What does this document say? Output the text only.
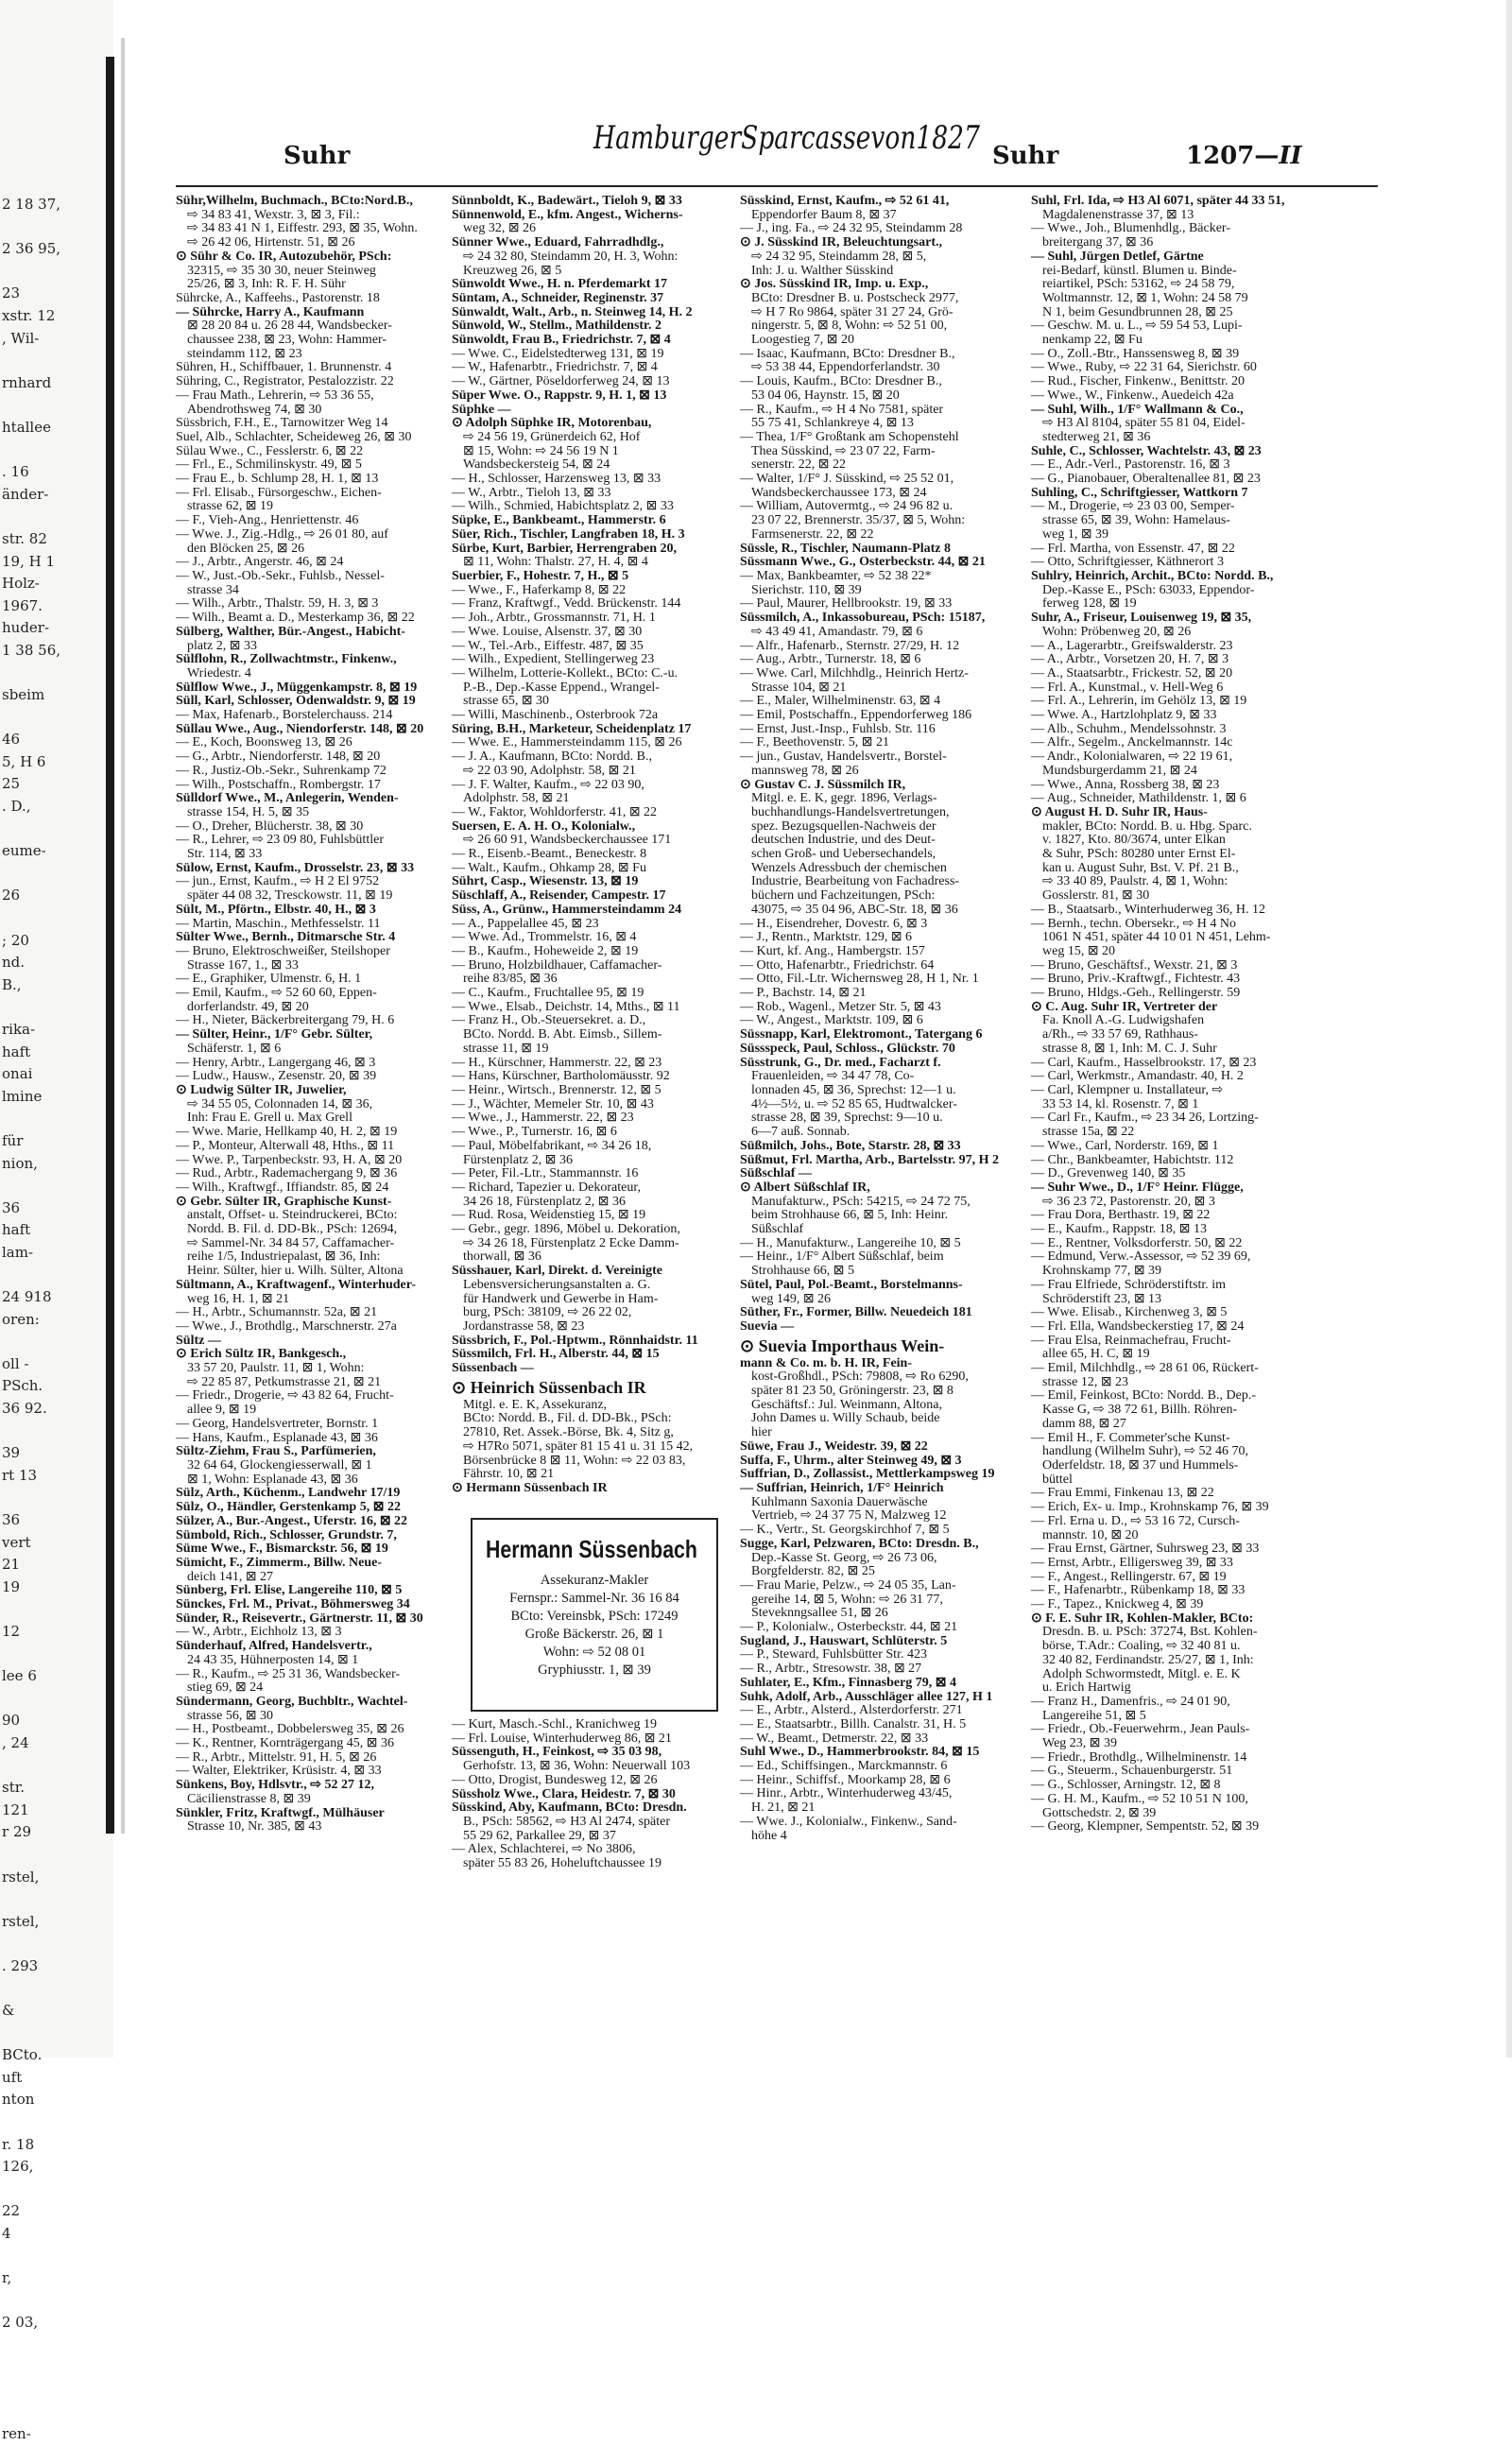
2 18 37,

2 36 95,

23
xstr. 12
, Wil-

rnhard

htallee

. 16
änder-

str. 82
19, H 1
Holz-
1967.
huder-
1 38 56,

sbeim

46
5, H 6
25
. D.,

eume-

26

; 20
nd.
B.,

rika-
haft
onai
lmine

für
nion,

36
haft
lam-

24 918
oren:

oll -
PSch.
36 92.

39
rt 13

36
vert
21
19

12

lee 6

90
, 24

str.
121
r 29

rstel,

rstel,

. 293

&

BCto.
uft
nton

r. 18
126,

22
4

r,

2 03,

ren-
Suhr	HamburgerSparcassevon1827 Suhr	1207—II
Sühr,Wilhelm, Buchmach., BCto:Nord.B.,
⇨ 34 83 41, Wexstr. 3, ⊠ 3, Fil.:
⇨ 34 83 41 N 1, Eiffestr. 293, ⊠ 35, Wohn.
⇨ 26 42 06, Hirtenstr. 51, ⊠ 26
⊙ Sühr & Co. IR, Autozubehör, PSch:
32315, ⇨ 35 30 30, neuer Steinweg
25/26, ⊠ 3, Inh: R. F. H. Sühr
Sührcke, A., Kaffeehs., Pastorenstr. 18
— Sührcke, Harry A., Kaufmann
⊠ 28 20 84 u. 26 28 44, Wandsbecker-
chaussee 238, ⊠ 23, Wohn: Hammer-
steindamm 112, ⊠ 23
Sühren, H., Schiffbauer, 1. Brunnenstr. 4
Sühring, C., Registrator, Pestalozzistr. 22
— Frau Math., Lehrerin, ⇨ 53 36 55,
Abendrothsweg 74, ⊠ 30
Süssbrich, F.H., E., Tarnowitzer Weg 14
Suel, Alb., Schlachter, Scheideweg 26, ⊠ 30
Sülau Wwe., C., Fesslerstr. 6, ⊠ 22
— Frl., E., Schmilinskystr. 49, ⊠ 5
— Frau E., b. Schlump 28, H. 1, ⊠ 13
— Frl. Elisab., Fürsorgeschw., Eichen-
strasse 62, ⊠ 19
— F., Vieh-Ang., Henriettenstr. 46
— Wwe. J., Zig.-Hdlg., ⇨ 26 01 80, auf
den Blöcken 25, ⊠ 26
— J., Arbtr., Angerstr. 46, ⊠ 24
— W., Just.-Ob.-Sekr., Fuhlsb., Nessel-
strasse 34
— Wilh., Arbtr., Thalstr. 59, H. 3, ⊠ 3
— Wilh., Beamt a. D., Mesterkamp 36, ⊠ 22
Sülberg, Walther, Bür.-Angest., Habicht-
platz 2, ⊠ 33
Sülflohn, R., Zollwachtmstr., Finkenw.,
Wriedestr. 4
Sülflow Wwe., J., Müggenkampstr. 8, ⊠ 19
Süll, Karl, Schlosser, Odenwaldstr. 9, ⊠ 19
— Max, Hafenarb., Borstelerchauss. 214
Süllau Wwe., Aug., Niendorferstr. 148, ⊠ 20
— E., Koch, Boonsweg 13, ⊠ 26
— G., Arbtr., Niendorferstr. 148, ⊠ 20
— R., Justiz-Ob.-Sekr., Suhrenkamp 72
— Wilh., Postschaffn., Rombergstr. 17
Sülldorf Wwe., M., Anlegerin, Wenden-
strasse 154, H. 5, ⊠ 35
— O., Dreher, Blücherstr. 38, ⊠ 30
— R., Lehrer, ⇨ 23 09 80, Fuhlsbüttler
Str. 114, ⊠ 33
Sülow, Ernst, Kaufm., Drosselstr. 23, ⊠ 33
— jun., Ernst, Kaufm., ⇨ H 2 El 9752
später 44 08 32, Tresckowstr. 11, ⊠ 19
Sült, M., Pförtn., Elbstr. 40, H., ⊠ 3
— Martin, Maschin., Methfesselstr. 11
Sülter Wwe., Bernh., Ditmarsche Str. 4
— Bruno, Elektroschweißer, Steilshoper
Strasse 167, 1., ⊠ 33
— E., Graphiker, Ulmenstr. 6, H. 1
— Emil, Kaufm., ⇨ 52 60 60, Eppen-
dorferlandstr. 49, ⊠ 20
— H., Nieter, Bäckerbreitergang 79, H. 6
— Sülter, Heinr., 1/F° Gebr. Sülter,
Schäferstr. 1, ⊠ 6
— Henry, Arbtr., Langergang 46, ⊠ 3
— Ludw., Hausw., Zesenstr. 20, ⊠ 39
⊙ Ludwig Sülter IR, Juwelier,
⇨ 34 55 05, Colonnaden 14, ⊠ 36,
Inh: Frau E. Grell u. Max Grell
— Wwe. Marie, Hellkamp 40, H. 2, ⊠ 19
— P., Monteur, Alterwall 48, Hths., ⊠ 11
— Wwe. P., Tarpenbeckstr. 93, H. A, ⊠ 20
— Rud., Arbtr., Rademachergang 9, ⊠ 36
— Wilh., Kraftwgf., Iffiandstr. 85, ⊠ 24
⊙ Gebr. Sülter IR, Graphische Kunst-
anstalt, Offset- u. Steindruckerei, BCto:
Nordd. B. Fil. d. DD-Bk., PSch: 12694,
⇨ Sammel-Nr. 34 84 57, Caffamacher-
reihe 1/5, Industriepalast, ⊠ 36, Inh:
Heinr. Sülter, hier u. Wilh. Sülter, Altona
Sültmann, A., Kraftwagenf., Winterhuder-
weg 16, H. 1, ⊠ 21
— H., Arbtr., Schumannstr. 52a, ⊠ 21
— Wwe., J., Brothdlg., Marschnerstr. 27a
Sültz —
⊙ Erich Sültz IR, Bankgesch.,
33 57 20, Paulstr. 11, ⊠ 1, Wohn:
⇨ 22 85 87, Petkumstrasse 21, ⊠ 21
— Friedr., Drogerie, ⇨ 43 82 64, Frucht-
allee 9, ⊠ 19
— Georg, Handelsvertreter, Bornstr. 1
— Hans, Kaufm., Esplanade 43, ⊠ 36
Sültz-Ziehm, Frau S., Parfümerien,
32 64 64, Glockengiesserwall, ⊠ 1
⊠ 1, Wohn: Esplanade 43, ⊠ 36
Sülz, Arth., Küchenm., Landwehr 17/19
Sülz, O., Händler, Gerstenkamp 5, ⊠ 22
Sülzer, A., Bur.-Angest., Uferstr. 16, ⊠ 22
Sümbold, Rich., Schlosser, Grundstr. 7,
Süme Wwe., F., Bismarckstr. 56, ⊠ 19
Sümicht, F., Zimmerm., Billw. Neue-
deich 141, ⊠ 27
Sünberg, Frl. Elise, Langereihe 110, ⊠ 5
Sünckes, Frl. M., Privat., Böhmersweg 34
Sünder, R., Reisevertr., Gärtnerstr. 11, ⊠ 30
— W., Arbtr., Eichholz 13, ⊠ 3
Sünderhauf, Alfred, Handelsvertr.,
24 43 35, Hühnerposten 14, ⊠ 1
— R., Kaufm., ⇨ 25 31 36, Wandsbecker-
stieg 69, ⊠ 24
Sündermann, Georg, Buchbltr., Wachtel-
strasse 56, ⊠ 30
— H., Postbeamt., Dobbelersweg 35, ⊠ 26
— K., Rentner, Kornträgergang 45, ⊠ 36
— R., Arbtr., Mittelstr. 91, H. 5, ⊠ 26
— Walter, Elektriker, Krüsistr. 4, ⊠ 33
Sünkens, Boy, Hdlsvtr., ⇨ 52 27 12,
Cäcilienstrasse 8, ⊠ 39
Sünkler, Fritz, Kraftwgf., Mülhäuser
Strasse 10, Nr. 385, ⊠ 43
Sünnboldt, K., Badewärt., Tieloh 9, ⊠ 33
Sünnenwold, E., kfm. Angest., Wicherns-
weg 32, ⊠ 26
Sünner Wwe., Eduard, Fahrradhdlg.,
⇨ 24 32 80, Steindamm 20, H. 3, Wohn:
Kreuzweg 26, ⊠ 5
Sünwoldt Wwe., H. n. Pferdemarkt 17
Süntam, A., Schneider, Reginenstr. 37
Sünwaldt, Walt., Arb., n. Steinweg 14, H. 2
Sünwold, W., Stellm., Mathildenstr. 2
Sünwoldt, Frau B., Friedrichstr. 7, ⊠ 4
— Wwe. C., Eidelstedterweg 131, ⊠ 19
— W., Hafenarbtr., Friedrichstr. 7, ⊠ 4
— W., Gärtner, Pöseldorferweg 24, ⊠ 13
Süper Wwe. O., Rappstr. 9, H. 1, ⊠ 13
Süphke —
⊙ Adolph Süphke IR, Motorenbau,
⇨ 24 56 19, Grünerdeich 62, Hof
⊠ 15, Wohn: ⇨ 24 56 19 N 1
Wandsbeckersteig 54, ⊠ 24
— H., Schlosser, Harzensweg 13, ⊠ 33
— W., Arbtr., Tieloh 13, ⊠ 33
— Wilh., Schmied, Habichtsplatz 2, ⊠ 33
Süpke, E., Bankbeamt., Hammerstr. 6
Süer, Rich., Tischler, Langfraben 18, H. 3
Sürbe, Kurt, Barbier, Herrengraben 20,
⊠ 11, Wohn: Thalstr. 27, H. 4, ⊠ 4
Suerbier, F., Hohestr. 7, H., ⊠ 5
— Wwe., F., Haferkamp 8, ⊠ 22
— Franz, Kraftwgf., Vedd. Brückenstr. 144
— Joh., Arbtr., Grossmannstr. 71, H. 1
— Wwe. Louise, Alsenstr. 37, ⊠ 30
— W., Tel.-Arb., Eiffestr. 487, ⊠ 35
— Wilh., Expedient, Stellingerweg 23
— Wilhelm, Lotterie-Kollekt., BCto: C.-u.
P.-B., Dep.-Kasse Eppend., Wrangel-
strasse 65, ⊠ 30
— Willi, Maschinenb., Osterbrook 72a
Süring, B.H., Marketeur, Scheidenplatz 17
— Wwe. E., Hammersteindamm 115, ⊠ 26
— J. A., Kaufmann, BCto: Nordd. B.,
⇨ 22 03 90, Adolphstr. 58, ⊠ 21
— J. F. Walter, Kaufm., ⇨ 22 03 90,
Adolphstr. 58, ⊠ 21
— W., Faktor, Wohldorferstr. 41, ⊠ 22
Suersen, E. A. H. O., Kolonialw.,
⇨ 26 60 91, Wandsbeckerchaussee 171
— R., Eisenb.-Beamt., Beneckestr. 8
— Walt., Kaufm., Ohkamp 28, ⊠ Fu
Sührt, Casp., Wiesenstr. 13, ⊠ 19
Süschlaff, A., Reisender, Campestr. 17
Süss, A., Grünw., Hammersteindamm 24
— A., Pappelallee 45, ⊠ 23
— Wwe. Ad., Trommelstr. 16, ⊠ 4
— B., Kaufm., Hoheweide 2, ⊠ 19
— Bruno, Holzbildhauer, Caffamacher-
reihe 83/85, ⊠ 36
— C., Kaufm., Fruchtallee 95, ⊠ 19
— Wwe., Elsab., Deichstr. 14, Mths., ⊠ 11
— Franz H., Ob.-Steuersekret. a. D.,
BCto. Nordd. B. Abt. Eimsb., Sillem-
strasse 11, ⊠ 19
— H., Kürschner, Hammerstr. 22, ⊠ 23
— Hans, Kürschner, Bartholomäusstr. 92
— Heinr., Wirtsch., Brennerstr. 12, ⊠ 5
— J., Wächter, Memeler Str. 10, ⊠ 43
— Wwe., J., Hammerstr. 22, ⊠ 23
— Wwe., P., Turnerstr. 16, ⊠ 6
— Paul, Möbelfabrikant, ⇨ 34 26 18,
Fürstenplatz 2, ⊠ 36
— Peter, Fil.-Ltr., Stammannstr. 16
— Richard, Tapezier u. Dekorateur,
34 26 18, Fürstenplatz 2, ⊠ 36
— Rud. Rosa, Weidenstieg 15, ⊠ 19
— Gebr., gegr. 1896, Möbel u. Dekoration,
⇨ 34 26 18, Fürstenplatz 2 Ecke Damm-
thorwall, ⊠ 36
Süsshauer, Karl, Direkt. d. Vereinigte
Lebensversicherungsanstalten a. G.
für Handwerk und Gewerbe in Ham-
burg, PSch: 38109, ⇨ 26 22 02,
Jordanstrasse 58, ⊠ 23
Süssbrich, F., Pol.-Hptwm., Rönnhaidstr. 11
Süssmilch, Frl. H., Alberstr. 44, ⊠ 15
Süssenbach —
⊙ Heinrich Süssenbach IR
Mitgl. e. E. K, Assekuranz,
BCto: Nordd. B., Fil. d. DD-Bk., PSch:
27810, Ret. Assek.-Börse, Bk. 4, Sitz g,
⇨ H7Ro 5071, später 81 15 41 u. 31 15 42,
Börsenbrücke 8 ⊠ 11, Wohn: ⇨ 22 03 83,
Fährstr. 10, ⊠ 21
⊙ Hermann Süssenbach IR
Süsskind, Ernst, Kaufm., ⇨ 52 61 41,
Eppendorfer Baum 8, ⊠ 37
— J., ing. Fa., ⇨ 24 32 95, Steindamm 28
⊙ J. Süsskind IR, Beleuchtungsart.,
⇨ 24 32 95, Steindamm 28, ⊠ 5,
Inh: J. u. Walther Süsskind
⊙ Jos. Süsskind IR, Imp. u. Exp.,
BCto: Dresdner B. u. Postscheck 2977,
⇨ H 7 Ro 9864, später 31 27 24, Grö-
ningerstr. 5, ⊠ 8, Wohn: ⇨ 52 51 00,
Loogestieg 7, ⊠ 20
— Isaac, Kaufmann, BCto: Dresdner B.,
⇨ 53 38 44, Eppendorferlandstr. 30
— Louis, Kaufm., BCto: Dresdner B.,
53 04 06, Haynstr. 15, ⊠ 20
— R., Kaufm., ⇨ H 4 No 7581, später
55 75 41, Schlankreye 4, ⊠ 13
— Thea, 1/F° Großtank am Schopenstehl
Thea Süsskind, ⇨ 23 07 22, Farm-
senerstr. 22, ⊠ 22
— Walter, 1/F° J. Süsskind, ⇨ 25 52 01,
Wandsbeckerchaussee 173, ⊠ 24
— William, Autovermtg., ⇨ 24 96 82 u.
23 07 22, Brennerstr. 35/37, ⊠ 5, Wohn:
Farmsenerstr. 22, ⊠ 22
Süssle, R., Tischler, Naumann-Platz 8
Süssmann Wwe., G., Osterbeckstr. 44, ⊠ 21
— Max, Bankbeamter, ⇨ 52 38 22*
Sierichstr. 110, ⊠ 39
— Paul, Maurer, Hellbrookstr. 19, ⊠ 33
Süssmilch, A., Inkassobureau, PSch: 15187,
⇨ 43 49 41, Amandastr. 79, ⊠ 6
— Alfr., Hafenarb., Sternstr. 27/29, H. 12
— Aug., Arbtr., Turnerstr. 18, ⊠ 6
— Wwe. Carl, Milchhdlg., Heinrich Hertz-
Strasse 104, ⊠ 21
— E., Maler, Wilhelminenstr. 63, ⊠ 4
— Emil, Postschaffn., Eppendorferweg 186
— Ernst, Just.-Insp., Fuhlsb. Str. 116
— F., Beethovenstr. 5, ⊠ 21
— jun., Gustav, Handelsvertr., Borstel-
mannsweg 78, ⊠ 26
⊙ Gustav C. J. Süssmilch IR,
Mitgl. e. E. K, gegr. 1896, Verlags-
buchhandlungs-Handelsvertretungen,
spez. Bezugsquellen-Nachweis der
deutschen Industrie, und des Deut-
schen Groß- und Uebersechandels,
Wenzels Adressbuch der chemischen
Industrie, Bearbeitung von Fachadress-
büchern und Fachzeitungen, PSch:
43075, ⇨ 35 04 96, ABC-Str. 18, ⊠ 36
— H., Eisendreher, Dovestr. 6, ⊠ 3
— J., Rentn., Marktstr. 129, ⊠ 6
— Kurt, kf. Ang., Hambergstr. 157
— Otto, Hafenarbtr., Friedrichstr. 64
— Otto, Fil.-Ltr. Wichernsweg 28, H 1, Nr. 1
— P., Bachstr. 14, ⊠ 21
— Rob., Wagenl., Metzer Str. 5, ⊠ 43
— W., Angest., Marktstr. 109, ⊠ 6
Süssnapp, Karl, Elektromont., Tatergang 6
Süssspeck, Paul, Schloss., Glückstr. 70
Süsstrunk, G., Dr. med., Facharzt f.
Frauenleiden, ⇨ 34 47 78, Co-
lonnaden 45, ⊠ 36, Sprechst: 12—1 u.
4½—5½, u. ⇨ 52 85 65, Hudtwalcker-
strasse 28, ⊠ 39, Sprechst: 9—10 u.
6—7 auß. Sonnab.
Süßmilch, Johs., Bote, Starstr. 28, ⊠ 33
Süßmut, Frl. Martha, Arb., Bartelsstr. 97, H 2
Süßschlaf —
⊙ Albert Süßschlaf IR,
Manufakturw., PSch: 54215, ⇨ 24 72 75,
beim Strohhause 66, ⊠ 5, Inh: Heinr.
Süßschlaf
— H., Manufakturw., Langereihe 10, ⊠ 5
— Heinr., 1/F° Albert Süßschlaf, beim
Strohhause 66, ⊠ 5
Sütel, Paul, Pol.-Beamt., Borstelmanns-
weg 149, ⊠ 26
Süther, Fr., Former, Billw. Neuedeich 181
Suevia —
⊙ Suevia Importhaus Wein-
mann & Co. m. b. H. IR, Fein-
kost-Großhdl., PSch: 79808, ⇨ Ro 6290,
später 81 23 50, Gröningerstr. 23, ⊠ 8
Geschäftsf.: Jul. Weinmann, Altona,
John Dames u. Willy Schaub, beide
hier
Süwe, Frau J., Weidestr. 39, ⊠ 22
Suffa, F., Uhrm., alter Steinweg 49, ⊠ 3
Suffrian, D., Zollassist., Mettlerkampsweg 19
— Suffrian, Heinrich, 1/F° Heinrich
Kuhlmann Saxonia Dauerwäsche
Vertrieb, ⇨ 24 37 75 N, Malzweg 12
— K., Vertr., St. Georgskirchhof 7, ⊠ 5
Sugge, Karl, Pelzwaren, BCto: Dresdn. B.,
Dep.-Kasse St. Georg, ⇨ 26 73 06,
Borgfelderstr. 82, ⊠ 25
— Frau Marie, Pelzw., ⇨ 24 05 35, Lan-
gereihe 14, ⊠ 5, Wohn: ⇨ 26 31 77,
Steveknngsallee 51, ⊠ 26
— P., Kolonialw., Osterbeckstr. 44, ⊠ 21
Sugland, J., Hauswart, Schlüterstr. 5
— P., Steward, Fuhlsbütter Str. 423
— R., Arbtr., Stresowstr. 38, ⊠ 27
Suhlater, E., Kfm., Finnasberg 79, ⊠ 4
Suhk, Adolf, Arb., Ausschläger allee 127, H 1
— E., Arbtr., Alsterd., Alsterdorferstr. 271
— E., Staatsarbtr., Billh. Canalstr. 31, H. 5
— W., Beamt., Detmerstr. 22, ⊠ 33
Suhl Wwe., D., Hammerbrookstr. 84, ⊠ 15
— Ed., Schiffsingen., Marckmannstr. 6
— Heinr., Schiffsf., Moorkamp 28, ⊠ 6
— Hinr., Arbtr., Winterhuderweg 43/45,
H. 21, ⊠ 21
— Wwe. J., Kolonialw., Finkenw., Sand-
höhe 4
Suhl, Frl. Ida, ⇨ H3 Al 6071, später 44 33 51,
Magdalenenstrasse 37, ⊠ 13
— Wwe., Joh., Blumenhdlg., Bäcker-
breitergang 37, ⊠ 36
— Suhl, Jürgen Detlef, Gärtne
rei-Bedarf, künstl. Blumen u. Binde-
reiartikel, PSch: 53162, ⇨ 24 58 79,
Woltmannstr. 12, ⊠ 1, Wohn: 24 58 79
N 1, beim Gesundbrunnen 28, ⊠ 25
— Geschw. M. u. L., ⇨ 59 54 53, Lupi-
nenkamp 22, ⊠ Fu
— O., Zoll.-Btr., Hanssensweg 8, ⊠ 39
— Wwe., Ruby, ⇨ 22 31 64, Sierichstr. 60
— Rud., Fischer, Finkenw., Benittstr. 20
— Wwe., W., Finkenw., Auedeich 42a
— Suhl, Wilh., 1/F° Wallmann & Co.,
⇨ H3 Al 8104, später 55 81 04, Eidel-
stedterweg 21, ⊠ 36
Suhle, C., Schlosser, Wachtelstr. 43, ⊠ 23
— E., Adr.-Verl., Pastorenstr. 16, ⊠ 3
— G., Pianobauer, Oberaltenallee 81, ⊠ 23
Suhling, C., Schriftgiesser, Wattkorn 7
— M., Drogerie, ⇨ 23 03 00, Semper-
strasse 65, ⊠ 39, Wohn: Hamelaus-
weg 1, ⊠ 39
— Frl. Martha, von Essenstr. 47, ⊠ 22
— Otto, Schriftgiesser, Käthnerort 3
Suhlry, Heinrich, Archit., BCto: Nordd. B.,
Dep.-Kasse E., PSch: 63033, Eppendor-
ferweg 128, ⊠ 19
Suhr, A., Friseur, Louisenweg 19, ⊠ 35,
Wohn: Pröbenweg 20, ⊠ 26
— A., Lagerarbtr., Greifswalderstr. 23
— A., Arbtr., Vorsetzen 20, H. 7, ⊠ 3
— A., Staatsarbtr., Frickestr. 52, ⊠ 20
— Frl. A., Kunstmal., v. Hell-Weg 6
— Frl. A., Lehrerin, im Gehölz 13, ⊠ 19
— Wwe. A., Hartzlohplatz 9, ⊠ 33
— Alb., Schuhm., Mendelssohnstr. 3
— Alfr., Segelm., Anckelmannstr. 14c
— Andr., Kolonialwaren, ⇨ 22 19 61,
Mundsburgerdamm 21, ⊠ 24
— Wwe., Anna, Rossberg 38, ⊠ 23
— Aug., Schneider, Mathildenstr. 1, ⊠ 6
⊙ August H. D. Suhr IR, Haus-
makler, BCto: Nordd. B. u. Hbg. Sparc.
v. 1827, Kto. 80/3674, unter Elkan
& Suhr, PSch: 80280 unter Ernst El-
kan u. August Suhr, Bst. V. Pf. 21 B.,
⇨ 33 40 89, Paulstr. 4, ⊠ 1, Wohn:
Gosslerstr. 81, ⊠ 30
— B., Staatsarb., Winterhuderweg 36, H. 12
— Bernh., techn. Obersekr., ⇨ H 4 No
1061 N 451, später 44 10 01 N 451, Lehm-
weg 15, ⊠ 20
— Bruno, Geschäftsf., Wexstr. 21, ⊠ 3
— Bruno, Priv.-Kraftwgf., Fichtestr. 43
— Bruno, Hldgs.-Geh., Rellingerstr. 59
⊙ C. Aug. Suhr IR, Vertreter der
Fa. Knoll A.-G. Ludwigshafen
a/Rh., ⇨ 33 57 69, Rathhaus-
strasse 8, ⊠ 1, Inh: M. C. J. Suhr
— Carl, Kaufm., Hasselbrookstr. 17, ⊠ 23
— Carl, Werkmstr., Amandastr. 40, H. 2
— Carl, Klempner u. Installateur, ⇨
33 53 14, kl. Rosenstr. 7, ⊠ 1
— Carl Fr., Kaufm., ⇨ 23 34 26, Lortzing-
strasse 15a, ⊠ 22
— Wwe., Carl, Norderstr. 169, ⊠ 1
— Chr., Bankbeamter, Habichtstr. 112
— D., Grevenweg 140, ⊠ 35
— Suhr Wwe., D., 1/F° Heinr. Flügge,
⇨ 36 23 72, Pastorenstr. 20, ⊠ 3
— Frau Dora, Berthastr. 19, ⊠ 22
— E., Kaufm., Rappstr. 18, ⊠ 13
— E., Rentner, Volksdorferstr. 50, ⊠ 22
— Edmund, Verw.-Assessor, ⇨ 52 39 69,
Krohnskamp 77, ⊠ 39
— Frau Elfriede, Schröderstiftstr. im
Schröderstift 23, ⊠ 13
— Wwe. Elisab., Kirchenweg 3, ⊠ 5
— Frl. Ella, Wandsbeckerstieg 17, ⊠ 24
— Frau Elsa, Reinmachefrau, Frucht-
allee 65, H. C, ⊠ 19
— Emil, Milchhdlg., ⇨ 28 61 06, Rückert-
strasse 12, ⊠ 23
— Emil, Feinkost, BCto: Nordd. B., Dep.-
Kasse G, ⇨ 38 72 61, Billh. Röhren-
damm 88, ⊠ 27
— Emil H., F. Commeter'sche Kunst-
handlung (Wilhelm Suhr), ⇨ 52 46 70,
Oderfeldstr. 18, ⊠ 37 und Hummels-
büttel
— Frau Emmi, Finkenau 13, ⊠ 22
— Erich, Ex- u. Imp., Krohnskamp 76, ⊠ 39
— Frl. Erna u. D., ⇨ 53 16 72, Cursch-
mannstr. 10, ⊠ 20
— Frau Ernst, Gärtner, Suhrsweg 23, ⊠ 33
— Ernst, Arbtr., Elligersweg 39, ⊠ 33
— F., Angest., Rellingerstr. 67, ⊠ 19
— F., Hafenarbtr., Rübenkamp 18, ⊠ 33
— F., Tapez., Knickweg 4, ⊠ 39
⊙ F. E. Suhr IR, Kohlen-Makler, BCto:
Dresdn. B. u. PSch: 37274, Bst. Kohlen-
börse, T.Adr.: Coaling, ⇨ 32 40 81 u.
32 40 82, Ferdinandstr. 25/27, ⊠ 1, Inh:
Adolph Schwormstedt, Mitgl. e. E. K
u. Erich Hartwig
— Franz H., Damenfris., ⇨ 24 01 90,
Langereihe 51, ⊠ 5
— Friedr., Ob.-Feuerwehrm., Jean Pauls-
Weg 23, ⊠ 39
— Friedr., Brothdlg., Wilhelminenstr. 14
— G., Steuerm., Schauenburgerstr. 51
— G., Schlosser, Arningstr. 12, ⊠ 8
— G. H. M., Kaufm., ⇨ 52 10 51 N 100,
Gottschedstr. 2, ⊠ 39
— Georg, Klempner, Sempentstr. 52, ⊠ 39
Hermann Süssenbach
Assekuranz-Makler
Fernspr.: Sammel-Nr. 36 16 84
BCto: Vereinsbk, PSch: 17249
Große Bäckerstr. 26, ⊠ 1
Wohn: ⇨ 52 08 01
Gryphiusstr. 1, ⊠ 39
— Kurt, Masch.-Schl., Kranichweg 19
— Frl. Louise, Winterhuderweg 86, ⊠ 21
Süssenguth, H., Feinkost, ⇨ 35 03 98,
Gerhofstr. 13, ⊠ 36, Wohn: Neuerwall 103
— Otto, Drogist, Bundesweg 12, ⊠ 26
Süssholz Wwe., Clara, Heidestr. 7, ⊠ 30
Süsskind, Aby, Kaufmann, BCto: Dresdn.
B., PSch: 58562, ⇨ H3 Al 2474, später
55 29 62, Parkallee 29, ⊠ 37
— Alex, Schlachterei, ⇨ No 3806,
später 55 83 26, Hoheluftchaussee 19
